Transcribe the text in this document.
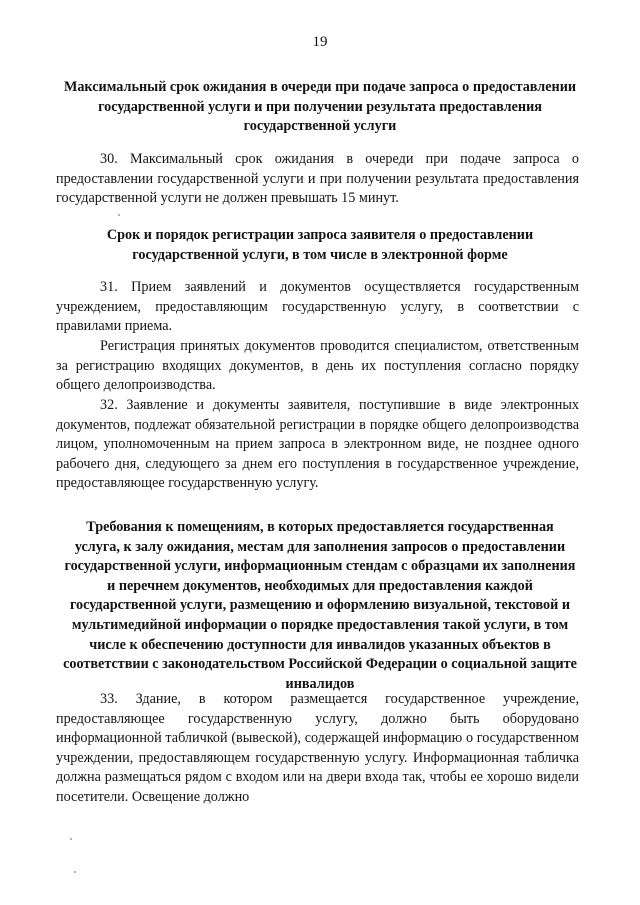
19
Максимальный срок ожидания в очереди при подаче запроса о предоставлении государственной услуги и при получении результата предоставления государственной услуги
30. Максимальный срок ожидания в очереди при подаче запроса о предоставлении государственной услуги и при получении результата предоставления государственной услуги не должен превышать 15 минут.
Срок и порядок регистрации запроса заявителя о предоставлении государственной услуги, в том числе в электронной форме
31. Прием заявлений и документов осуществляется государственным учреждением, предоставляющим государственную услугу, в соответствии с правилами приема.
Регистрация принятых документов проводится специалистом, ответственным за регистрацию входящих документов, в день их поступления согласно порядку общего делопроизводства.
32. Заявление и документы заявителя, поступившие в виде электронных документов, подлежат обязательной регистрации в порядке общего делопроизводства лицом, уполномоченным на прием запроса в электронном виде, не позднее одного рабочего дня, следующего за днем его поступления в государственное учреждение, предоставляющее государственную услугу.
Требования к помещениям, в которых предоставляется государственная услуга, к залу ожидания, местам для заполнения запросов о предоставлении государственной услуги, информационным стендам с образцами их заполнения и перечнем документов, необходимых для предоставления каждой государственной услуги, размещению и оформлению визуальной, текстовой и мультимедийной информации о порядке предоставления такой услуги, в том числе к обеспечению доступности для инвалидов указанных объектов в соответствии с законодательством Российской Федерации о социальной защите инвалидов
33. Здание, в котором размещается государственное учреждение, предоставляющее государственную услугу, должно быть оборудовано информационной табличкой (вывеской), содержащей информацию о государственном учреждении, предоставляющем государственную услугу. Информационная табличка должна размещаться рядом с входом или на двери входа так, чтобы ее хорошо видели посетители. Освещение должно
